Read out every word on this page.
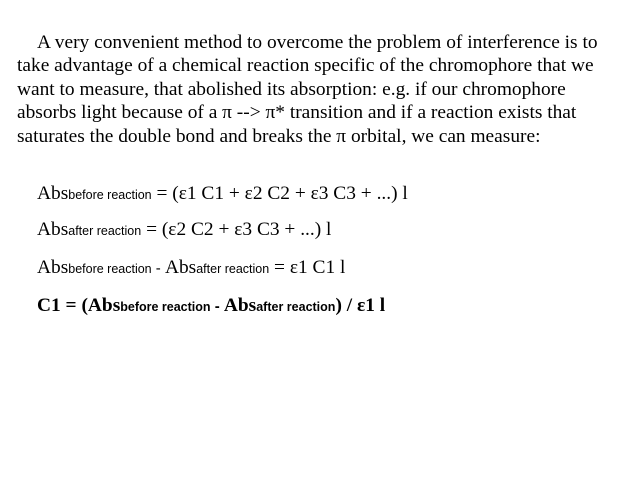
A very convenient method to overcome the problem of interference is to take advantage of a chemical reaction specific of the chromophore that we want to measure, that abolished its absorption: e.g. if our chromophore absorbs light because of a π --> π* transition and if a reaction exists that saturates the double bond and breaks the π orbital, we can measure:
Absbefore reaction = (ε1 C1 + ε2 C2 + ε3 C3 + ...) l
Absafter reaction = (ε2 C2 + ε3 C3 + ...) l
Absbefore reaction - Absafter reaction = ε1 C1 l
C1 = (Absbefore reaction - Absafter reaction) / ε1 l
